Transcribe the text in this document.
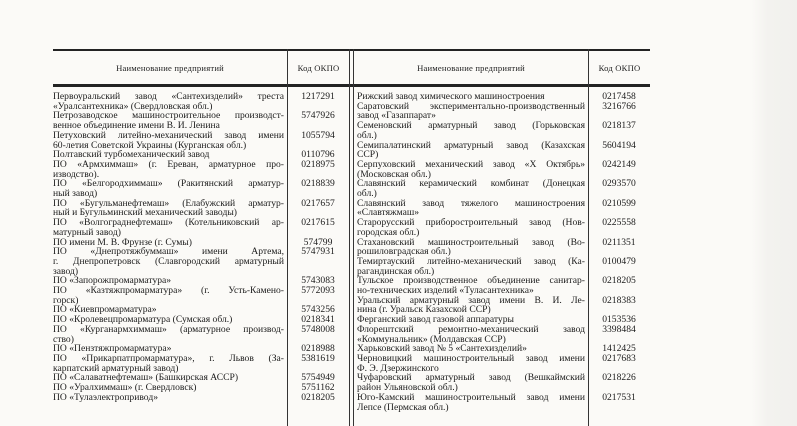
Наименование предприятий	Код ОКПО	Наименование предприятий	Код ОКПО
Первоуральский завод «Сантехизделий» треста
«Уралсантехника» (Свердловская обл.)
1217291
Петрозаводское машиностроительное производст-
венное объединение имени В. И. Ленина
5747926
Петуховский литейно-механический завод имени
60-летия Советской Украины (Курганская обл.)
1055794
Полтавский турбомеханический завод	0110796
ПО «Армхиммаш» (г. Ереван, арматурное про-
изводство).
0218975
ПО «Белгородхиммаш» (Ракитянский арматур-
ный завод)
0218839
ПО «Бугульманефтемаш» (Елабужский арматур-
ный и Бугульминский механический заводы)
0217657
ПО «Волгограднефтемаш» (Котельниковский ар-
матурный завод)
0217615
ПО имени М. В. Фрунзе (г. Сумы)	574799
ПО «Днепротяжбуммаш» имени Артема,
г. Днепропетровск (Славгородский арматурный
завод)
5747931
ПО «Запорожпромарматура»	5743083
ПО «Казтяжпромарматура» (г. Усть-Камено-
горск)
5772093
ПО «Киевпромарматура»	5743256
ПО «Кролевецпромарматура (Сумская обл.)	0218341
ПО «Курганармхиммаш» (арматурное производ-
ство)
5748008
ПО «Пензтяжпромарматура»	0218988
ПО «Прикарпатпромарматура», г. Львов (За-
карпатский арматурный завод)
5381619
ПО «Салаватнефтемаш» (Башкирская АССР)	5754949
ПО «Уралхиммаш» (г. Свердловск)	5751162
ПО «Тулаэлектропривод»	0218205
Рижский завод химического машиностроения	0217458
Саратовский экспериментально-производственный
завод «Газаппарат»
3216766
Семеновский арматурный завод (Горьковская
обл.)
0218137
Семипалатинский арматурный завод (Казахская
ССР)
5604194
Серпуховский механический завод «Х Октябрь»
(Московская обл.)
0242149
Славянский керамический комбинат (Донецкая
обл.)
0293570
Славянский завод тяжелого машиностроения
«Славтяжмаш»
0210599
Старорусский приборостроительный завод (Нов-
городская обл.)
0225558
Стахановский машиностроительный завод (Во-
рошиловградская обл.)
0211351
Темиртауский литейно-механический завод (Ка-
рагандинская обл.)
0100479
Тульское производственное объединение санитар-
но-технических изделий «Туласантехника»
0218205
Уральский арматурный завод имени В. И. Ле-
нина (г. Уральск Казахской ССР)
0218383
Ферганский завод газовой аппаратуры	0153536
Флорештский ремонтно-механический завод
«Коммунальник» (Молдавская ССР)
3398484
Харьковский завод № 5 «Сантехизделий»	1412425
Черновицкий машиностроительный завод имени
Ф. Э. Дзержинского
0217683
Чуфаровский арматурный завод (Вешкаймский
район Ульяновской обл.)
0218226
Юго-Камский машиностроительный завод имени
Лепсе (Пермская обл.)
0217531
